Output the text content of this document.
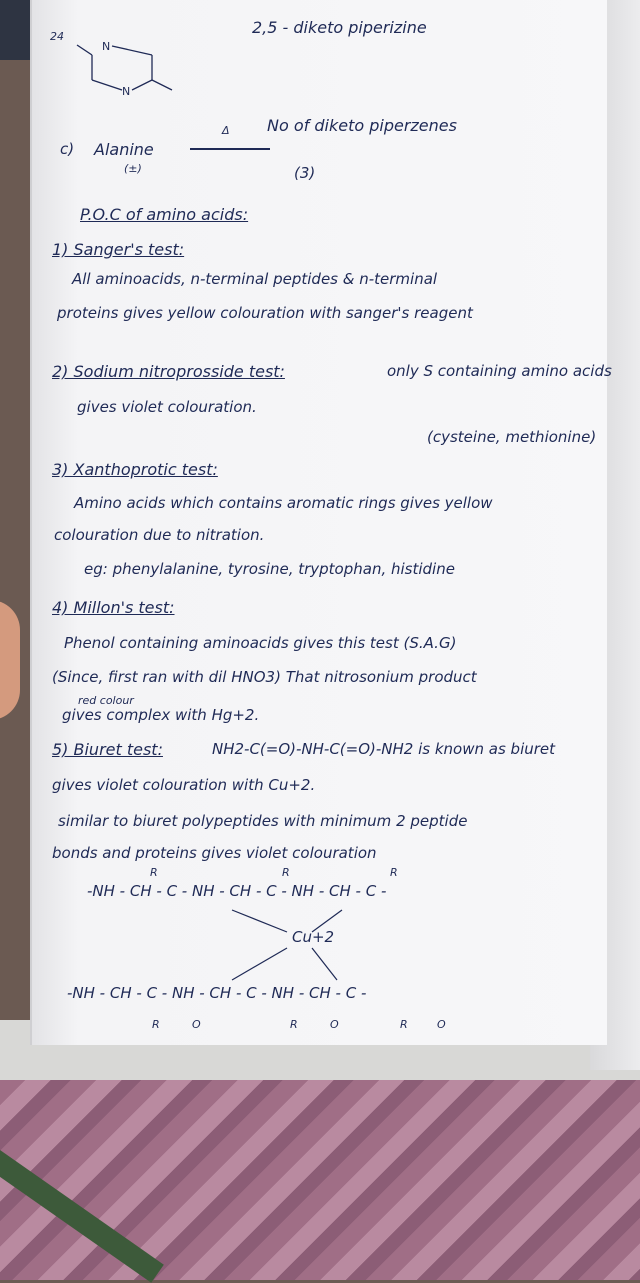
24
N
N
2,5 - diketo piperizine
c) Alanine
(±)
Δ No of diketo piperzenes
(3)
P.O.C of amino acids:
1) Sanger's test:
All aminoacids, n-terminal peptides & n-terminal
proteins gives yellow colouration with sanger's reagent
2) Sodium nitroprosside test:	only S containing amino acids
gives violet colouration.
(cysteine, methionine)
3) Xanthoprotic test:
Amino acids which contains aromatic rings gives yellow
colouration due to nitration.
eg: phenylalanine, tyrosine, tryptophan, histidine
4) Millon's test:
Phenol containing aminoacids gives this test (S.A.G)
(Since, first ran with dil HNO3) That nitrosonium product
red colour
gives complex with Hg+2.
5) Biuret test:	NH2-C(=O)-NH-C(=O)-NH2 is known as biuret
gives violet colouration with Cu+2.
similar to biuret polypeptides with minimum 2 peptide
bonds and proteins gives violet colouration
-NH - CH - C - NH - CH - C - NH - CH - C -
R	R	R
Cu+2
-NH - CH - C - NH - CH - C - NH - CH - C -
R	O	R	O	R	O
